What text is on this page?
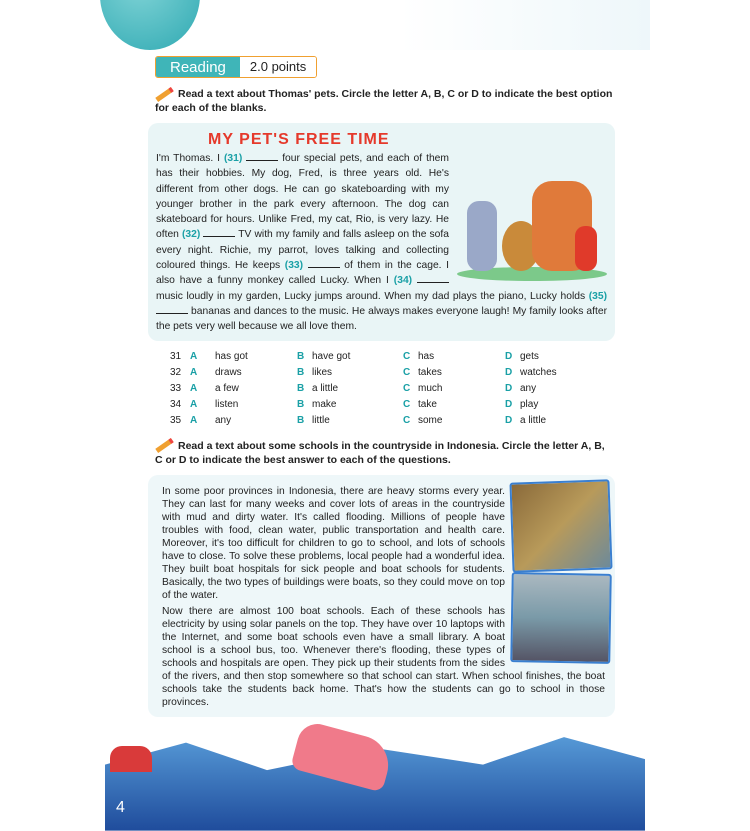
Reading	2.0 points
Read a text about Thomas' pets. Circle the letter A, B, C or D to indicate the best option for each of the blanks.
MY PET'S FREE TIME
I'm Thomas. I (31)	four special pets, and each of them has their hobbies. My dog, Fred, is three years old. He's different from other dogs. He can go skateboarding with my younger brother in the park every afternoon. The dog can skateboard for hours. Unlike Fred, my cat, Rio, is very lazy. He often (32)	TV with my family and falls asleep on the sofa every night. Richie, my parrot, loves talking and collecting coloured things. He keeps (33)	of them in the cage. I also have a funny monkey called Lucky. When I (34)  music loudly in my garden, Lucky jumps around. When my dad plays the piano, Lucky holds (35)  bananas and dances to the music. He always makes everyone laugh! My family looks after the pets very well because we all love them.
31 A	has got	B have got	C has	D gets
32 A	draws	B likes	C takes	D watches
33 A	a few	B a little	C much	D any
34 A	listen	B make	C take	D play
35 A	any	B little	C some	D a little
Read a text about some schools in the countryside in Indonesia. Circle the letter A, B, C or D to indicate the best answer to each of the questions.

In some poor provinces in Indonesia, there are heavy storms every year. They can last for many weeks and cover lots of areas in the countryside with mud and dirty water. It's called flooding. Millions of people have troubles with food, clean water, public transportation and health care. Moreover, it's too difficult for children to go to school, and lots of schools have to close. To solve these problems, local people had a wonderful idea. They built boat hospitals for sick people and boat schools for students. Basically, the two types of buildings were boats, so they could move on top of the water.

Now there are almost 100 boat schools. Each of these schools has electricity by using solar panels on the top. They have over 10 laptops with the Internet, and some boat schools even have a small library. A boat school is a school bus, too. Whenever there's flooding, these types of schools and hospitals are open. They pick up their students from the sides of the rivers, and then stop somewhere so that school can start. When school finishes, the boat schools take the students back home. That's how the students can go to school in those provinces.

4
